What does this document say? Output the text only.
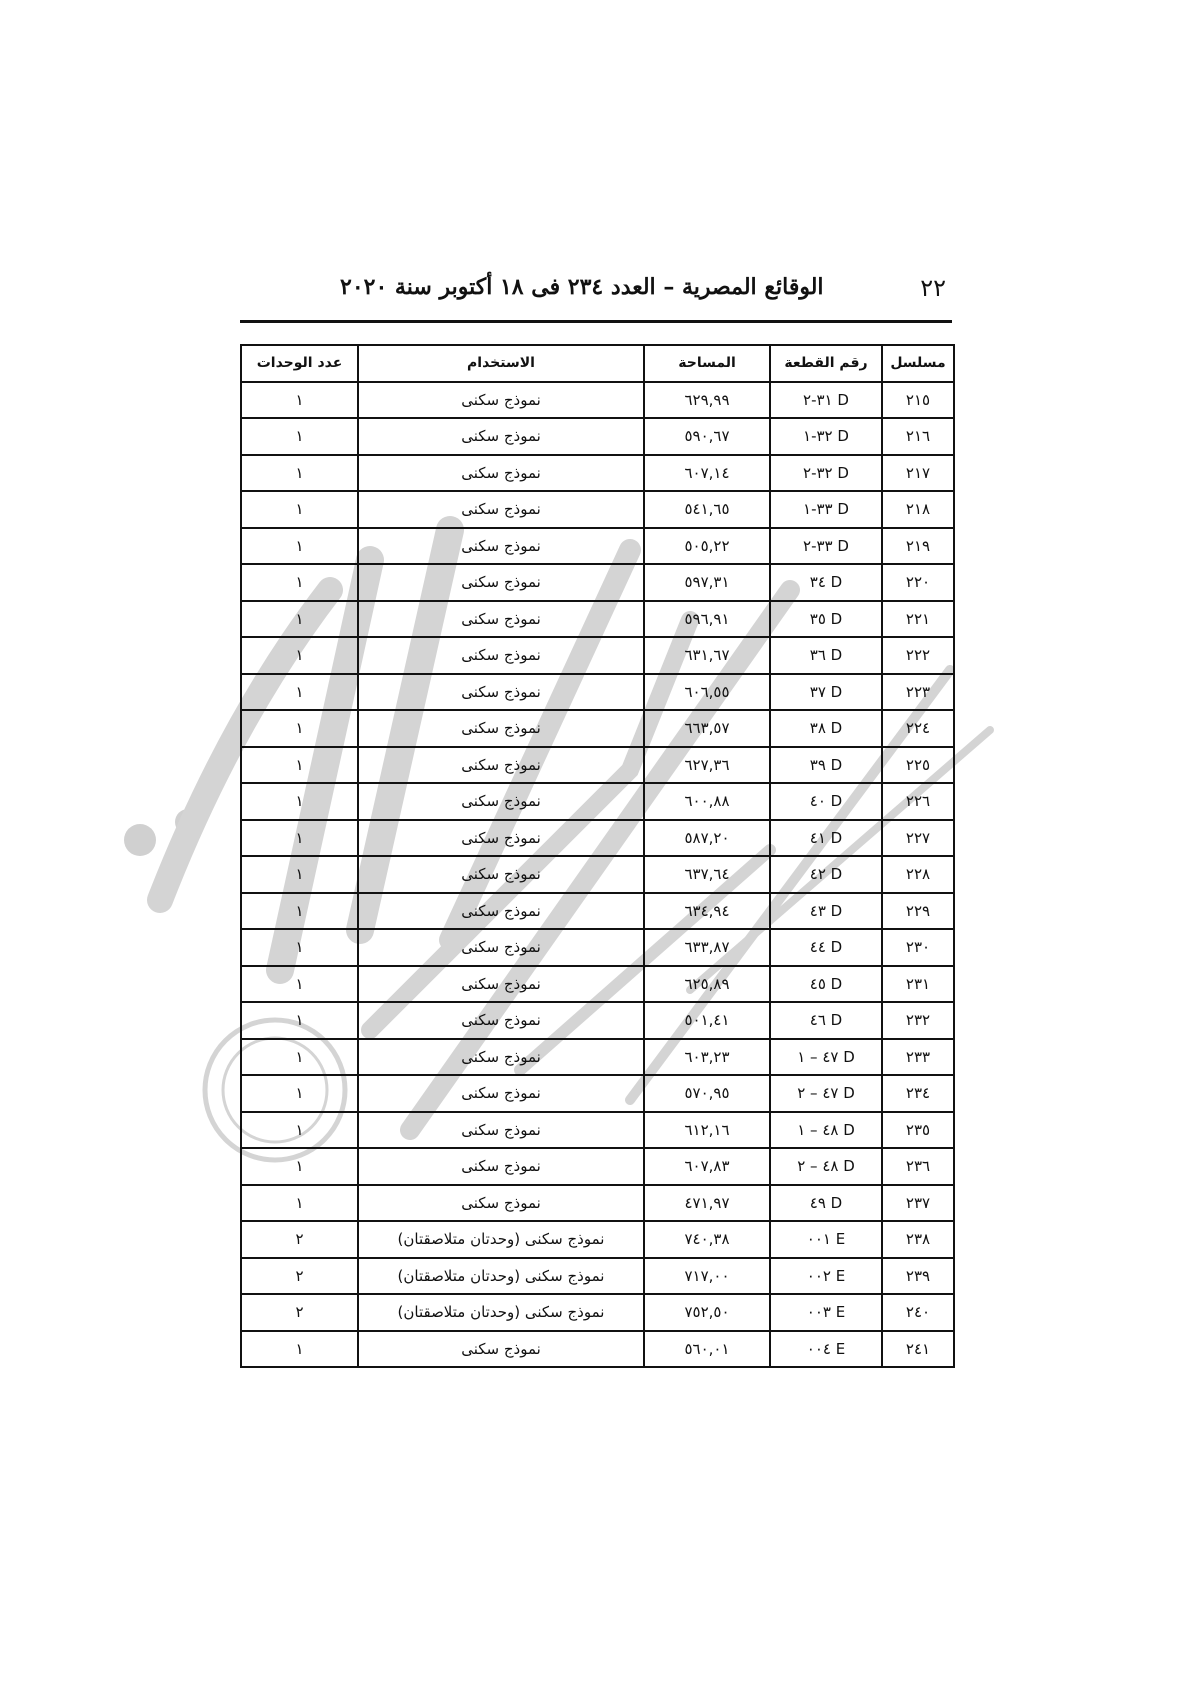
٢٢
الوقائع المصرية – العدد ٢٣٤ فى ١٨ أكتوبر سنة ٢٠٢٠
مسلسل	رقم القطعة	المساحة	الاستخدام	عدد الوحدات
٢١٥	D ٣١-٢	٦٢٩,٩٩	نموذج سكنى	١
٢١٦	D ٣٢-١	٥٩٠,٦٧	نموذج سكنى	١
٢١٧	D ٣٢-٢	٦٠٧,١٤	نموذج سكنى	١
٢١٨	D ٣٣-١	٥٤١,٦٥	نموذج سكنى	١
٢١٩	D ٣٣-٢	٥٠٥,٢٢	نموذج سكنى	١
٢٢٠	D ٣٤	٥٩٧,٣١	نموذج سكنى	١
٢٢١	D ٣٥	٥٩٦,٩١	نموذج سكنى	١
٢٢٢	D ٣٦	٦٣١,٦٧	نموذج سكنى	١
٢٢٣	D ٣٧	٦٠٦,٥٥	نموذج سكنى	١
٢٢٤	D ٣٨	٦٦٣,٥٧	نموذج سكنى	١
٢٢٥	D ٣٩	٦٢٧,٣٦	نموذج سكنى	١
٢٢٦	D ٤٠	٦٠٠,٨٨	نموذج سكنى	١
٢٢٧	D ٤١	٥٨٧,٢٠	نموذج سكنى	١
٢٢٨	D ٤٢	٦٣٧,٦٤	نموذج سكنى	١
٢٢٩	D ٤٣	٦٣٤,٩٤	نموذج سكنى	١
٢٣٠	D ٤٤	٦٣٣,٨٧	نموذج سكنى	١
٢٣١	D ٤٥	٦٢٥,٨٩	نموذج سكنى	١
٢٣٢	D ٤٦	٥٠١,٤١	نموذج سكنى	١
٢٣٣	D ٤٧ – ١	٦٠٣,٢٣	نموذج سكنى	١
٢٣٤	D ٤٧ – ٢	٥٧٠,٩٥	نموذج سكنى	١
٢٣٥	D ٤٨ – ١	٦١٢,١٦	نموذج سكنى	١
٢٣٦	D ٤٨ – ٢	٦٠٧,٨٣	نموذج سكنى	١
٢٣٧	D ٤٩	٤٧١,٩٧	نموذج سكنى	١
٢٣٨	E ٠٠١	٧٤٠,٣٨	نموذج سكنى (وحدتان متلاصقتان)	٢
٢٣٩	E ٠٠٢	٧١٧,٠٠	نموذج سكنى (وحدتان متلاصقتان)	٢
٢٤٠	E ٠٠٣	٧٥٢,٥٠	نموذج سكنى (وحدتان متلاصقتان)	٢
٢٤١	E ٠٠٤	٥٦٠,٠١	نموذج سكنى	١
